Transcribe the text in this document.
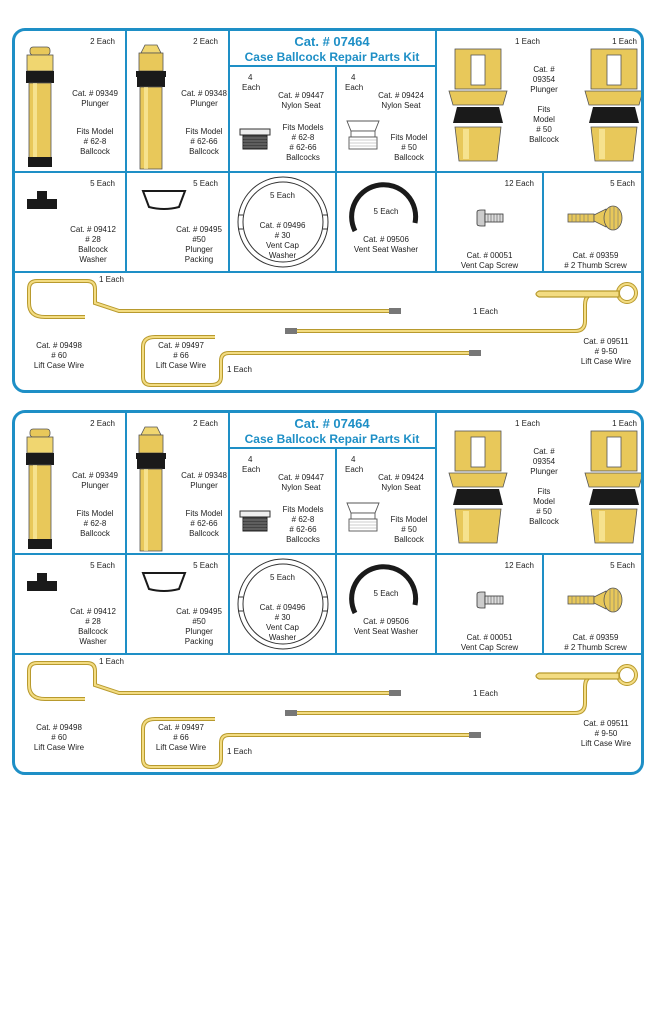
Cat. # 07464
Case Ballcock Repair Parts Kit
2 Each
Cat. # 09349
Plunger
Fits Model
# 62-8
Ballcock
2 Each
Cat. # 09348
Plunger
Fits Model
# 62-66
Ballcock
4
Each
Cat. # 09447
Nylon Seat
Fits Models
# 62-8
# 62-66
Ballcocks
4
Each
Cat. # 09424
Nylon Seat
Fits Model
# 50
Ballcock
1 Each	1 Each
Cat. #
09354
Plunger
Fits
Model
# 50
Ballcock
5 Each
Cat. # 09412
# 28
Ballcock
Washer
5 Each
Cat. # 09495
#50
Plunger
Packing
5 Each
Cat. # 09496
# 30
Vent Cap
Washer
5 Each
Cat. # 09506
Vent Seat Washer
12 Each
Cat. # 00051
Vent Cap Screw
5 Each
Cat. # 09359
# 2 Thumb Screw
1 Each
Cat. # 09498
# 60
Lift Case Wire
Cat. # 09497
# 66
Lift Case Wire	1 Each
1 Each
Cat. # 09511
# 9-50
Lift Case Wire
Cat. # 07464
Case Ballcock Repair Parts Kit
2 Each
Cat. # 09349
Plunger
Fits Model
# 62-8
Ballcock
2 Each
Cat. # 09348
Plunger
Fits Model
# 62-66
Ballcock
4
Each
Cat. # 09447
Nylon Seat
Fits Models
# 62-8
# 62-66
Ballcocks
4
Each
Cat. # 09424
Nylon Seat
Fits Model
# 50
Ballcock
1 Each	1 Each
Cat. #
09354
Plunger
Fits
Model
# 50
Ballcock
5 Each
Cat. # 09412
# 28
Ballcock
Washer
5 Each
Cat. # 09495
#50
Plunger
Packing
5 Each
Cat. # 09496
# 30
Vent Cap
Washer
5 Each
Cat. # 09506
Vent Seat Washer
12 Each
Cat. # 00051
Vent Cap Screw
5 Each
Cat. # 09359
# 2 Thumb Screw
1 Each
Cat. # 09498
# 60
Lift Case Wire
Cat. # 09497
# 66
Lift Case Wire	1 Each
1 Each
Cat. # 09511
# 9-50
Lift Case Wire
